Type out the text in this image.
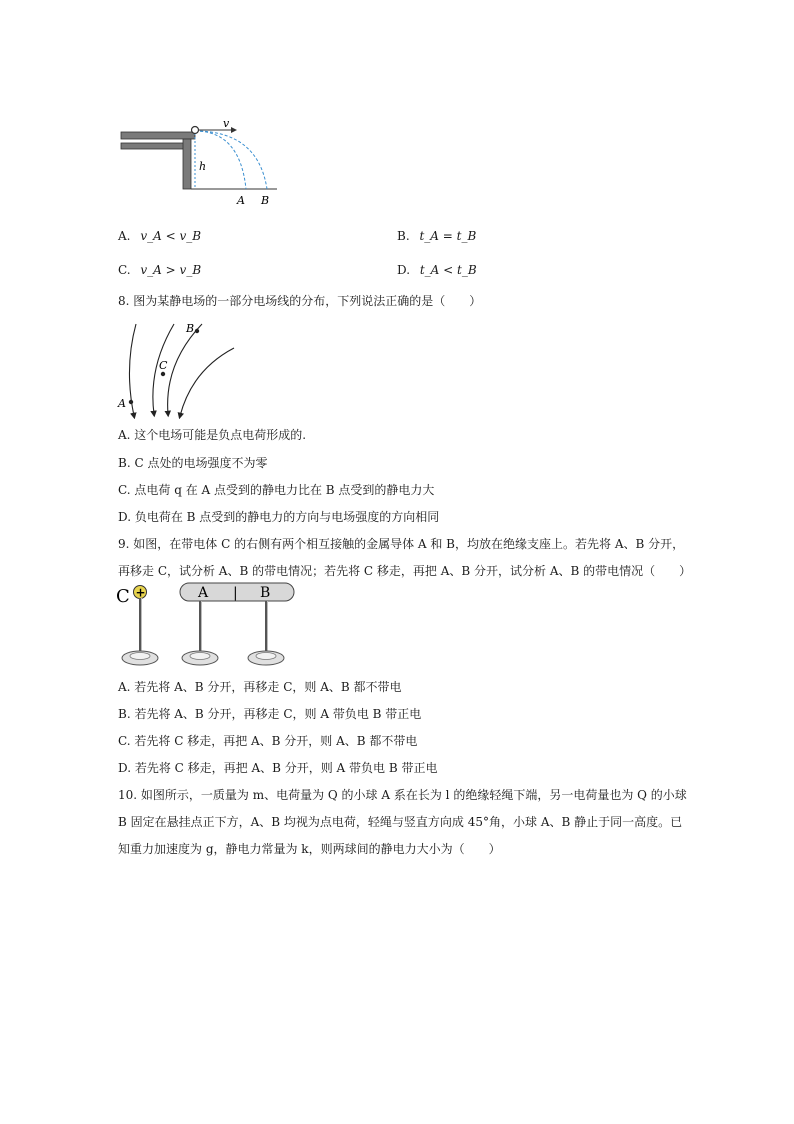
v
h
A B
A. v_A < v_B	B. t_A = t_B
C. v_A > v_B	D. t_A < t_B
8. 图为某静电场的一部分电场线的分布，下列说法正确的是（　　）
A
B
C
A. 这个电场可能是负点电荷形成的.
B. C 点处的电场强度不为零
C. 点电荷 q 在 A 点受到的静电力比在 B 点受到的静电力大
D. 负电荷在 B 点受到的静电力的方向与电场强度的方向相同
9. 如图，在带电体 C 的右侧有两个相互接触的金属导体 A 和 B，均放在绝缘支座上。若先将 A、B 分开，
再移走 C，试分析 A、B 的带电情况；若先将 C 移走，再把 A、B 分开，试分析 A、B 的带电情况（　　）
C +	A | B
A. 若先将 A、B 分开，再移走 C，则 A、B 都不带电
B. 若先将 A、B 分开，再移走 C，则 A 带负电 B 带正电
C. 若先将 C 移走，再把 A、B 分开，则 A、B 都不带电
D. 若先将 C 移走，再把 A、B 分开，则 A 带负电 B 带正电
10. 如图所示，一质量为 m、电荷量为 Q 的小球 A 系在长为 l 的绝缘轻绳下端，另一电荷量也为 Q 的小球
B 固定在悬挂点正下方，A、B 均视为点电荷，轻绳与竖直方向成 45°角，小球 A、B 静止于同一高度。已
知重力加速度为 g，静电力常量为 k，则两球间的静电力大小为（　　）
